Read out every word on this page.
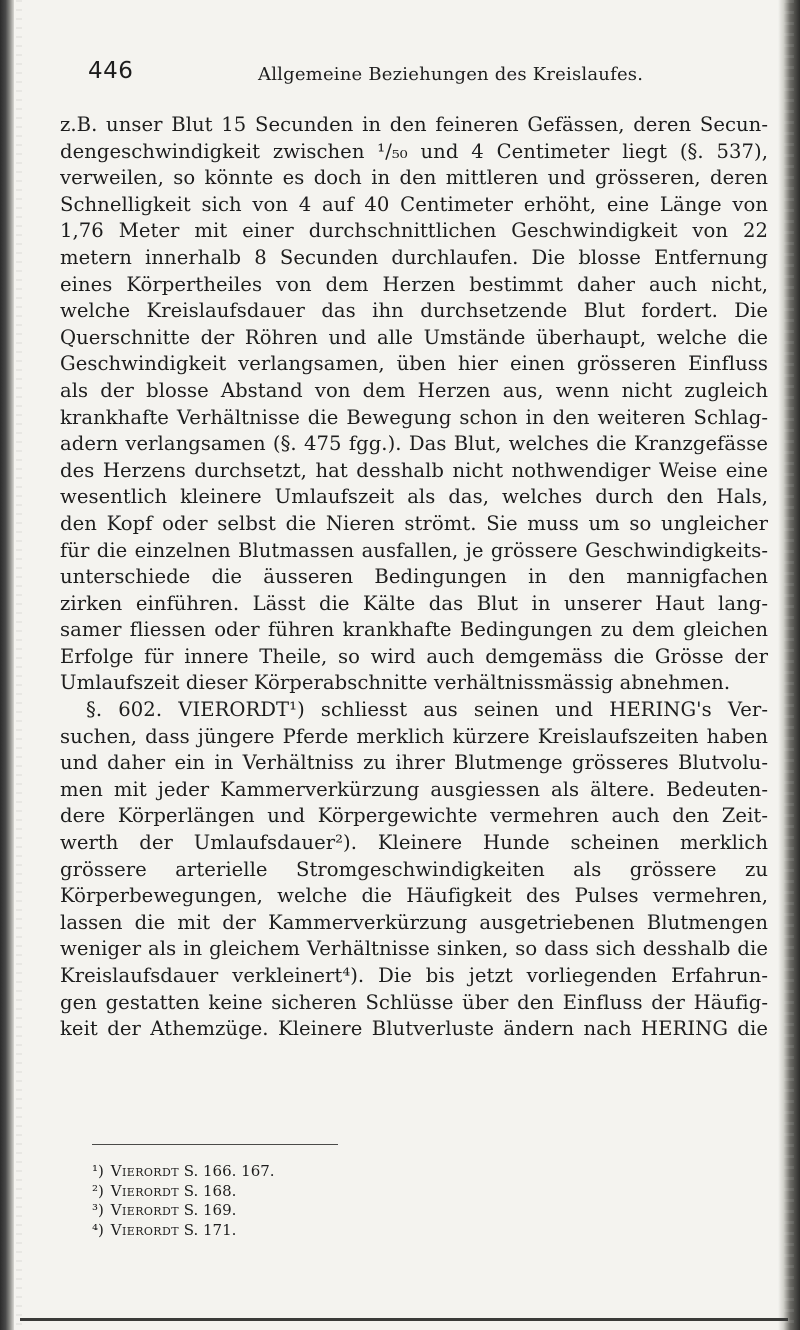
446	Allgemeine Beziehungen des Kreislaufes.
z.B. unser Blut 15 Secunden in den feineren Gefässen, deren Secun-
dengeschwindigkeit zwischen ¹/₅₀ und 4 Centimeter liegt (§. 537),
verweilen, so könnte es doch in den mittleren und grösseren, deren
Schnelligkeit sich von 4 auf 40 Centimeter erhöht, eine Länge von
1,76 Meter mit einer durchschnittlichen Geschwindigkeit von 22
metern innerhalb 8 Secunden durchlaufen. Die blosse Entfernung
eines Körpertheiles von dem Herzen bestimmt daher auch nicht,
welche Kreislaufsdauer das ihn durchsetzende Blut fordert. Die
Querschnitte der Röhren und alle Umstände überhaupt, welche die
Geschwindigkeit verlangsamen, üben hier einen grösseren Einfluss
als der blosse Abstand von dem Herzen aus, wenn nicht zugleich
krankhafte Verhältnisse die Bewegung schon in den weiteren Schlag-
adern verlangsamen (§. 475 fgg.). Das Blut, welches die Kranzgefässe
des Herzens durchsetzt, hat desshalb nicht nothwendiger Weise eine
wesentlich kleinere Umlaufszeit als das, welches durch den Hals,
den Kopf oder selbst die Nieren strömt. Sie muss um so ungleicher
für die einzelnen Blutmassen ausfallen, je grössere Geschwindigkeits-
unterschiede die äusseren Bedingungen in den mannigfachen
zirken einführen. Lässt die Kälte das Blut in unserer Haut lang-
samer fliessen oder führen krankhafte Bedingungen zu dem gleichen
Erfolge für innere Theile, so wird auch demgemäss die Grösse der
Umlaufszeit dieser Körperabschnitte verhältnissmässig abnehmen.
§. 602. VIERORDT¹) schliesst aus seinen und HERING's Ver-
suchen, dass jüngere Pferde merklich kürzere Kreislaufszeiten haben
und daher ein in Verhältniss zu ihrer Blutmenge grösseres Blutvolu-
men mit jeder Kammerverkürzung ausgiessen als ältere. Bedeuten-
dere Körperlängen und Körpergewichte vermehren auch den Zeit-
werth der Umlaufsdauer²). Kleinere Hunde scheinen merklich
grössere arterielle Stromgeschwindigkeiten als grössere zu
Körperbewegungen, welche die Häufigkeit des Pulses vermehren,
lassen die mit der Kammerverkürzung ausgetriebenen Blutmengen
weniger als in gleichem Verhältnisse sinken, so dass sich desshalb die
Kreislaufsdauer verkleinert⁴). Die bis jetzt vorliegenden Erfahrun-
gen gestatten keine sicheren Schlüsse über den Einfluss der Häufig-
keit der Athemzüge. Kleinere Blutverluste ändern nach HERING die
¹) Vierordt S. 166. 167.
²) Vierordt S. 168.
³) Vierordt S. 169.
⁴) Vierordt S. 171.
